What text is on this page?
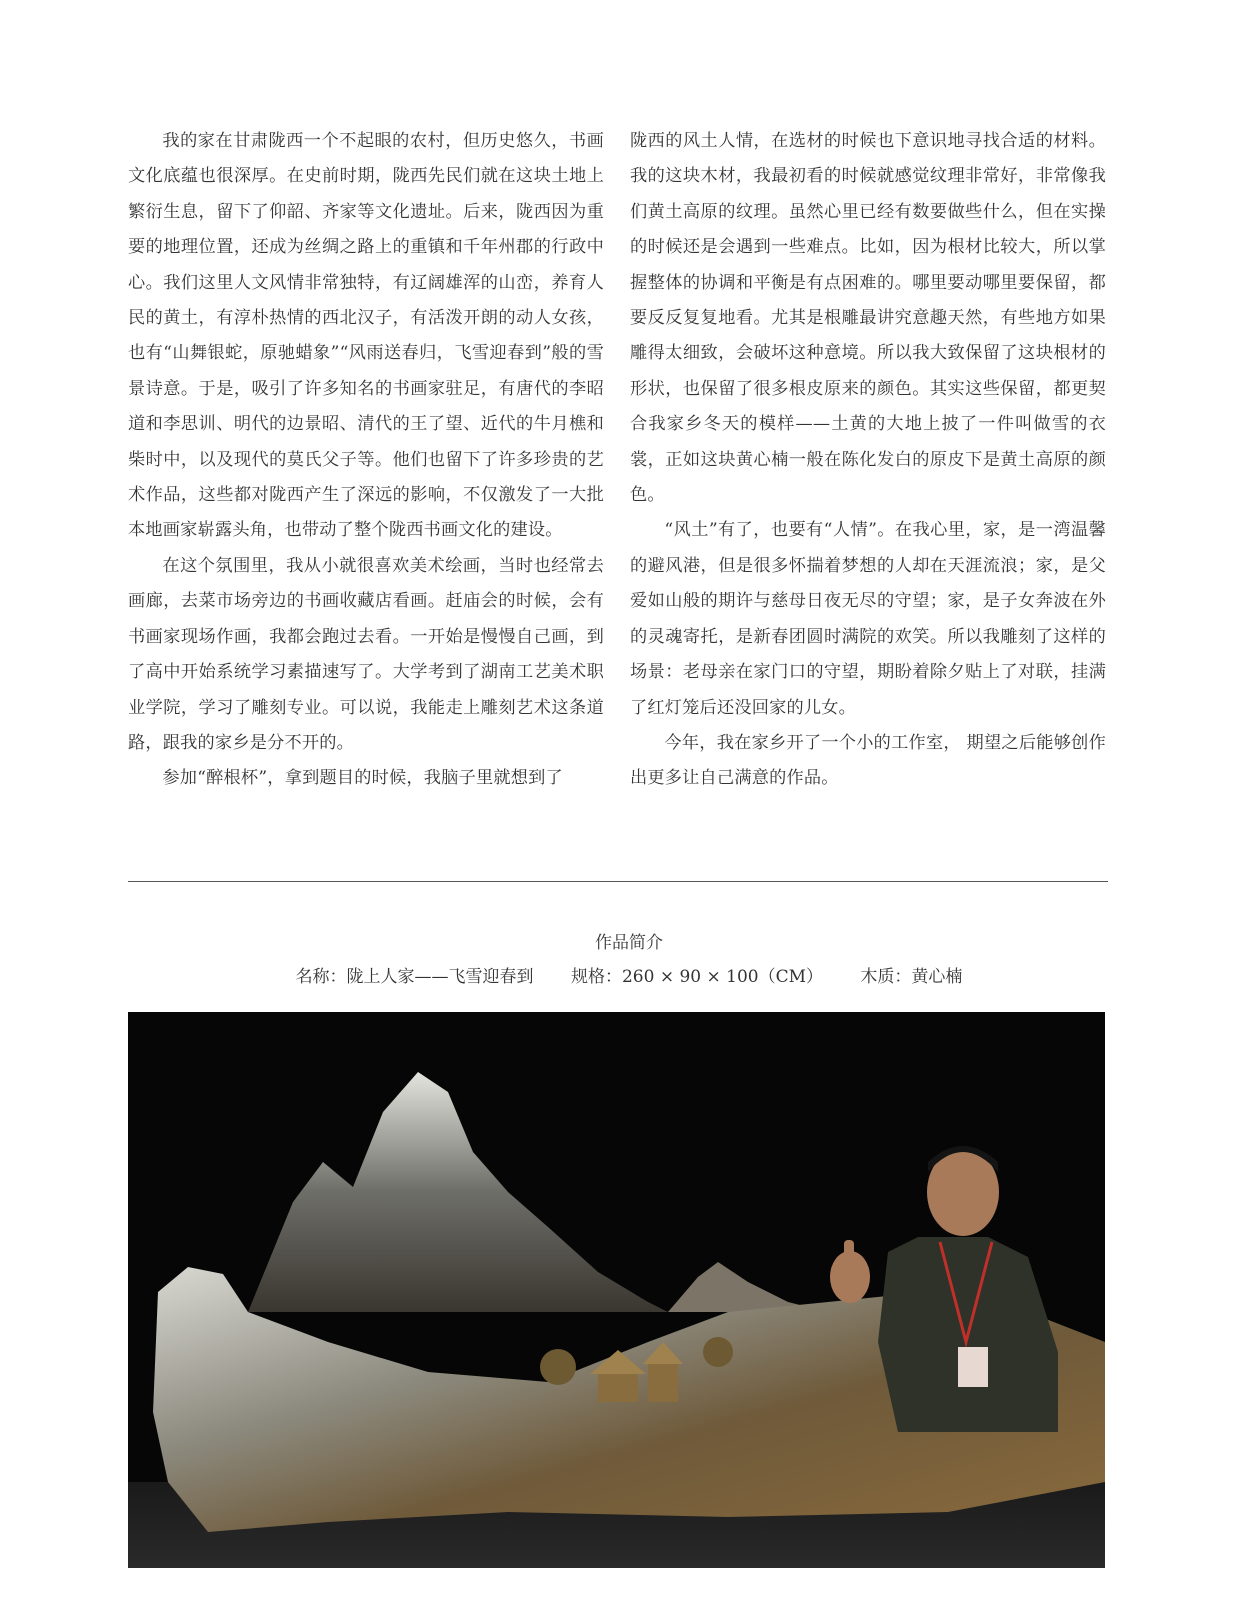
我的家在甘肃陇西一个不起眼的农村，但历史悠久，书画文化底蕴也很深厚。在史前时期，陇西先民们就在这块土地上繁衍生息，留下了仰韶、齐家等文化遗址。后来，陇西因为重要的地理位置，还成为丝绸之路上的重镇和千年州郡的行政中心。我们这里人文风情非常独特，有辽阔雄浑的山峦，养育人民的黄土，有淳朴热情的西北汉子，有活泼开朗的动人女孩，也有“山舞银蛇，原驰蜡象”“风雨送春归，飞雪迎春到”般的雪景诗意。于是，吸引了许多知名的书画家驻足，有唐代的李昭道和李思训、明代的边景昭、清代的王了望、近代的牛月樵和柴时中，以及现代的莫氏父子等。他们也留下了许多珍贵的艺术作品，这些都对陇西产生了深远的影响，不仅激发了一大批本地画家崭露头角，也带动了整个陇西书画文化的建设。

在这个氛围里，我从小就很喜欢美术绘画，当时也经常去画廊，去菜市场旁边的书画收藏店看画。赶庙会的时候，会有书画家现场作画，我都会跑过去看。一开始是慢慢自己画，到了高中开始系统学习素描速写了。大学考到了湖南工艺美术职业学院，学习了雕刻专业。可以说，我能走上雕刻艺术这条道路，跟我的家乡是分不开的。

参加“醉根杯”，拿到题目的时候，我脑子里就想到了

陇西的风土人情，在选材的时候也下意识地寻找合适的材料。我的这块木材，我最初看的时候就感觉纹理非常好，非常像我们黄土高原的纹理。虽然心里已经有数要做些什么，但在实操的时候还是会遇到一些难点。比如，因为根材比较大，所以掌握整体的协调和平衡是有点困难的。哪里要动哪里要保留，都要反反复复地看。尤其是根雕最讲究意趣天然，有些地方如果雕得太细致，会破坏这种意境。所以我大致保留了这块根材的形状，也保留了很多根皮原来的颜色。其实这些保留，都更契合我家乡冬天的模样——土黄的大地上披了一件叫做雪的衣裳，正如这块黄心楠一般在陈化发白的原皮下是黄土高原的颜色。

“风土”有了，也要有“人情”。在我心里，家，是一湾温馨的避风港，但是很多怀揣着梦想的人却在天涯流浪；家，是父爱如山般的期许与慈母日夜无尽的守望；家，是子女奔波在外的灵魂寄托，是新春团圆时满院的欢笑。所以我雕刻了这样的场景：老母亲在家门口的守望，期盼着除夕贴上了对联，挂满了红灯笼后还没回家的儿女。

今年，我在家乡开了一个小的工作室， 期望之后能够创作出更多让自己满意的作品。

作品简介
名称：陇上人家——飞雪迎春到 规格：260 × 90 × 100（CM） 木质：黄心楠
